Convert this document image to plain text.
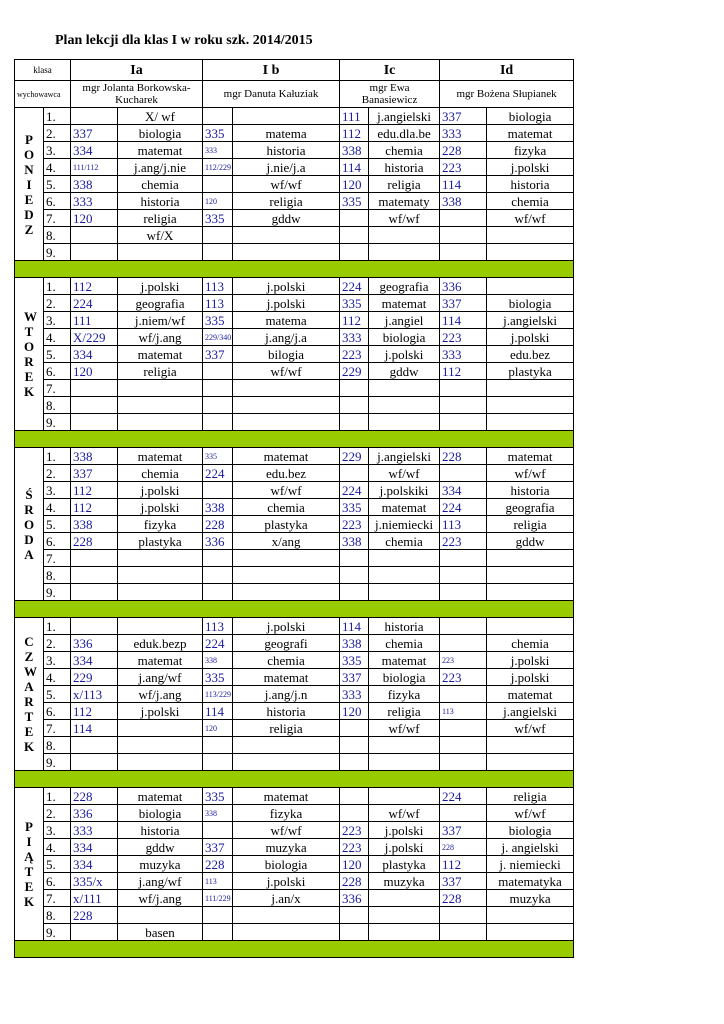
Plan lekcji dla klas I w roku szk. 2014/2015
klasa		Ia		I b		Ic		Id	
wychowawca		mgr Jolanta Borkowska-Kucharek		mgr Danuta Kałuziak		mgr Ewa Banasiewicz		mgr Bożena Słupianek	
P O N I E D Z	1.		X/ wf			111	j.angielski	337	biologia
	2.	337	biologia	335	matema	112	edu.dla.be	333	matemat
	3.	334	matemat	333	historia	338	chemia	228	fizyka
	4.	111/112	j.ang/j.nie	112/229	j.nie/j.a	114	historia	223	j.polski
	5.	338	chemia		wf/wf	120	religia	114	historia
	6.	333	historia	120	religia	335	matematy	338	chemia
	7.	120	religia	335	gddw		wf/wf		wf/wf
	8.		wf/X						
	9.								

W T O R E K	1.	112	j.polski	113	j.polski	224	geografia	336	
	2.	224	geografia	113	j.polski	335	matemat	337	biologia
	3.	111	j.niem/wf	335	matema	112	j.angiel	114	j.angielski
	4.	X/229	wf/j.ang	229/340	j.ang/j.a	333	biologia	223	j.polski
	5.	334	matemat	337	bilogia	223	j.polski	333	edu.bez
	6.	120	religia		wf/wf	229	gddw	112	plastyka
	7.								
	8.								
	9.								

Ś R O D A	1.	338	matemat	335	matemat	229	j.angielski	228	matemat
	2.	337	chemia	224	edu.bez		wf/wf		wf/wf
	3.	112	j.polski		wf/wf	224	j.polskiki	334	historia
	4.	112	j.polski	338	chemia	335	matemat	224	geografia
	5.	338	fizyka	228	plastyka	223	j.niemiecki	113	religia
	6.	228	plastyka	336	x/ang	338	chemia	223	gddw
	7.								
	8.								
	9.								

C Z W A R T E K	1.			113	j.polski	114	historia		
	2.	336	eduk.bezp	224	geografi	338	chemia		chemia
	3.	334	matemat	338	chemia	335	matemat	223	j.polski
	4.	229	j.ang/wf	335	matemat	337	biologia	223	j.polski
	5.	x/113	wf/j.ang	113/229	j.ang/j.n	333	fizyka		matemat
	6.	112	j.polski	114	historia	120	religia	113	j.angielski
	7.	114		120	religia		wf/wf		wf/wf
	8.								
	9.								

P I Ą T E K	1.	228	matemat	335	matemat			224	religia
	2.	336	biologia	338	fizyka		wf/wf		wf/wf
	3.	333	historia		wf/wf	223	j.polski	337	biologia
	4.	334	gddw	337	muzyka	223	j.polski	228	j. angielski
	5.	334	muzyka	228	biologia	120	plastyka	112	j. niemiecki
	6.	335/x	j.ang/wf	113	j.polski	228	muzyka	337	matematyka
	7.	x/111	wf/j.ang	111/229	j.an/x	336		228	muzyka
	8.	228							
	9.		basen						
